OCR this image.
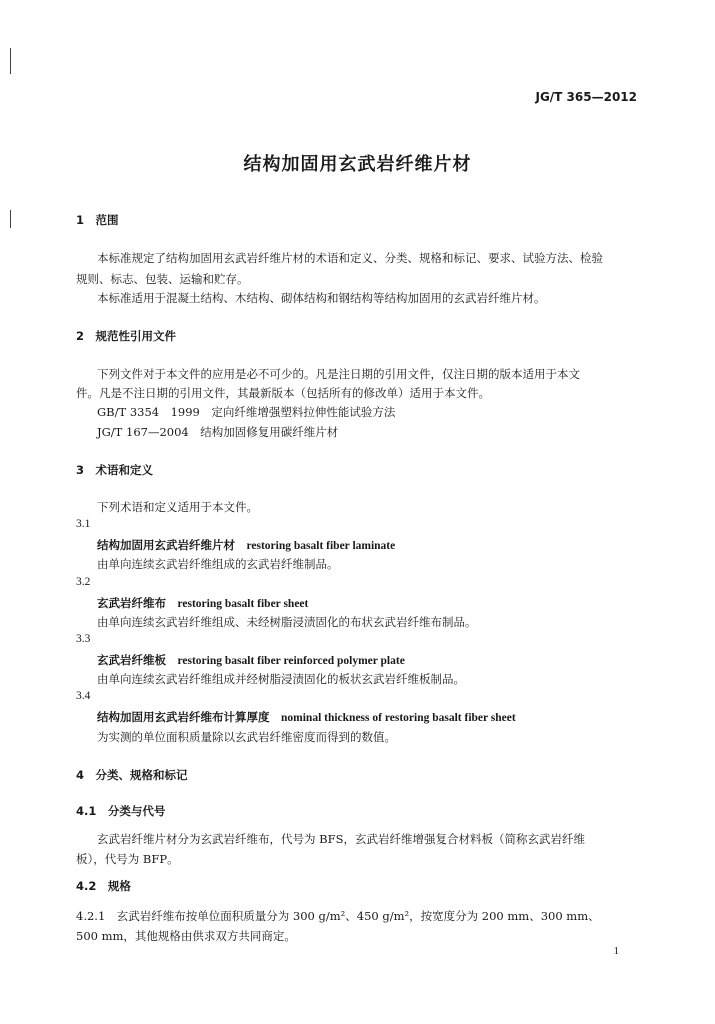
JG/T 365—2012
结构加固用玄武岩纤维片材
1　范围
本标准规定了结构加固用玄武岩纤维片材的术语和定义、分类、规格和标记、要求、试验方法、检验
规则、标志、包装、运输和贮存。
本标准适用于混凝土结构、木结构、砌体结构和钢结构等结构加固用的玄武岩纤维片材。
2　规范性引用文件
下列文件对于本文件的应用是必不可少的。凡是注日期的引用文件，仅注日期的版本适用于本文
件。凡是不注日期的引用文件，其最新版本（包括所有的修改单）适用于本文件。
GB/T 3354　1999　定向纤维增强塑料拉伸性能试验方法
JG/T 167—2004　结构加固修复用碳纤维片材
3　术语和定义
下列术语和定义适用于本文件。
3.1
结构加固用玄武岩纤维片材　 restoring basalt fiber laminate
由单向连续玄武岩纤维组成的玄武岩纤维制品。
3.2
玄武岩纤维布　 restoring basalt fiber sheet
由单向连续玄武岩纤维组成、未经树脂浸渍固化的布状玄武岩纤维布制品。
3.3
玄武岩纤维板　 restoring basalt fiber reinforced polymer plate
由单向连续玄武岩纤维组成并经树脂浸渍固化的板状玄武岩纤维板制品。
3.4
结构加固用玄武岩纤维布计算厚度　 nominal thickness of restoring basalt fiber sheet
为实测的单位面积质量除以玄武岩纤维密度而得到的数值。
4　分类、规格和标记
4.1　分类与代号
玄武岩纤维片材分为玄武岩纤维布，代号为 BFS，玄武岩纤维增强复合材料板（简称玄武岩纤维
板），代号为 BFP。
4.2　规格
4.2.1　玄武岩纤维布按单位面积质量分为 300 g/m²、450 g/m²，按宽度分为 200 mm、300 mm、
500 mm，其他规格由供求双方共同商定。
1
